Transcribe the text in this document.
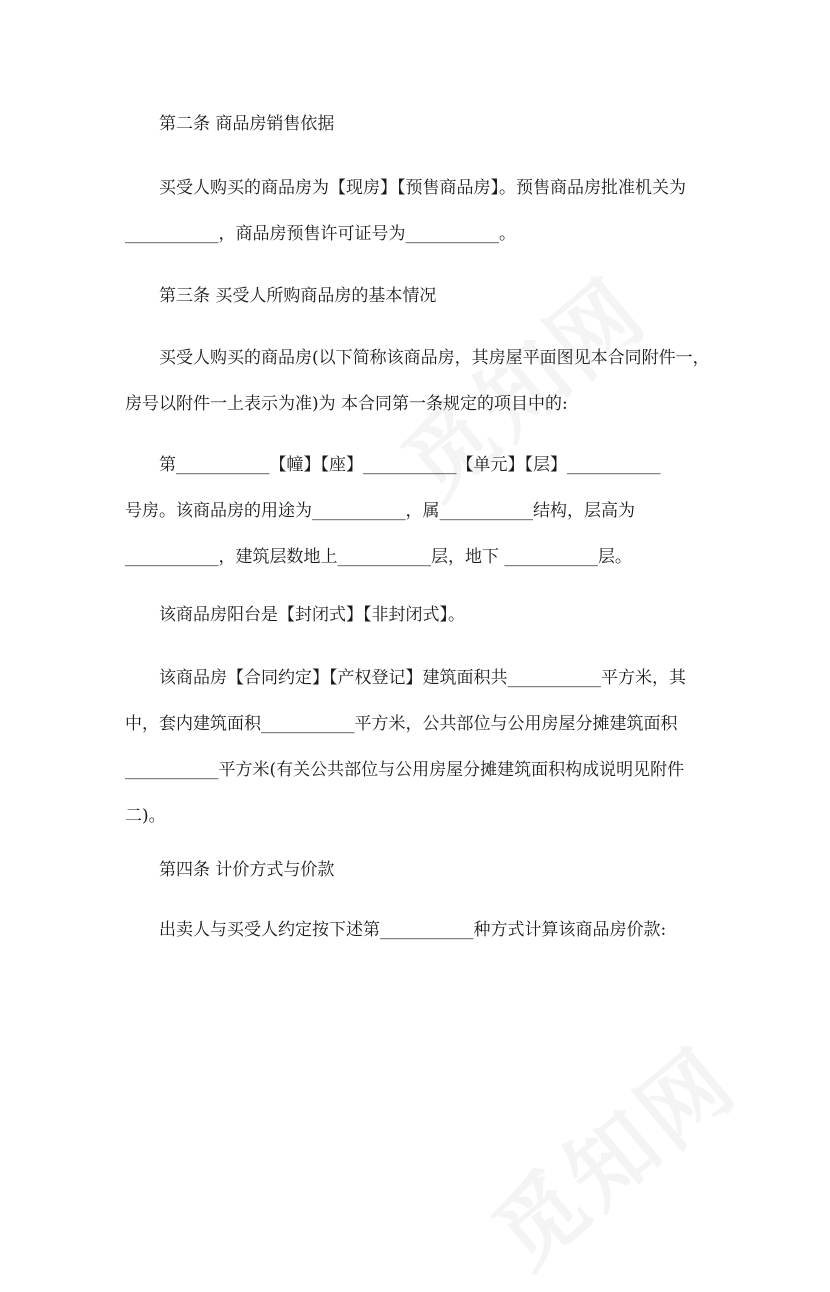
第二条 商品房销售依据
买受人购买的商品房为【现房】【预售商品房】。预售商品房批准机关为
___________，商品房预售许可证号为___________。
第三条 买受人所购商品房的基本情况
买受人购买的商品房(以下简称该商品房，其房屋平面图见本合同附件一，
房号以附件一上表示为准)为 本合同第一条规定的项目中的:
第___________【幢】【座】___________【单元】【层】___________
号房。该商品房的用途为___________，属___________结构，层高为
___________，建筑层数地上___________层，地下 ___________层。
该商品房阳台是【封闭式】【非封闭式】。
该商品房【合同约定】【产权登记】建筑面积共___________平方米，其
中，套内建筑面积___________平方米，公共部位与公用房屋分摊建筑面积
___________平方米(有关公共部位与公用房屋分摊建筑面积构成说明见附件
二)。
第四条 计价方式与价款
出卖人与买受人约定按下述第___________种方式计算该商品房价款:
